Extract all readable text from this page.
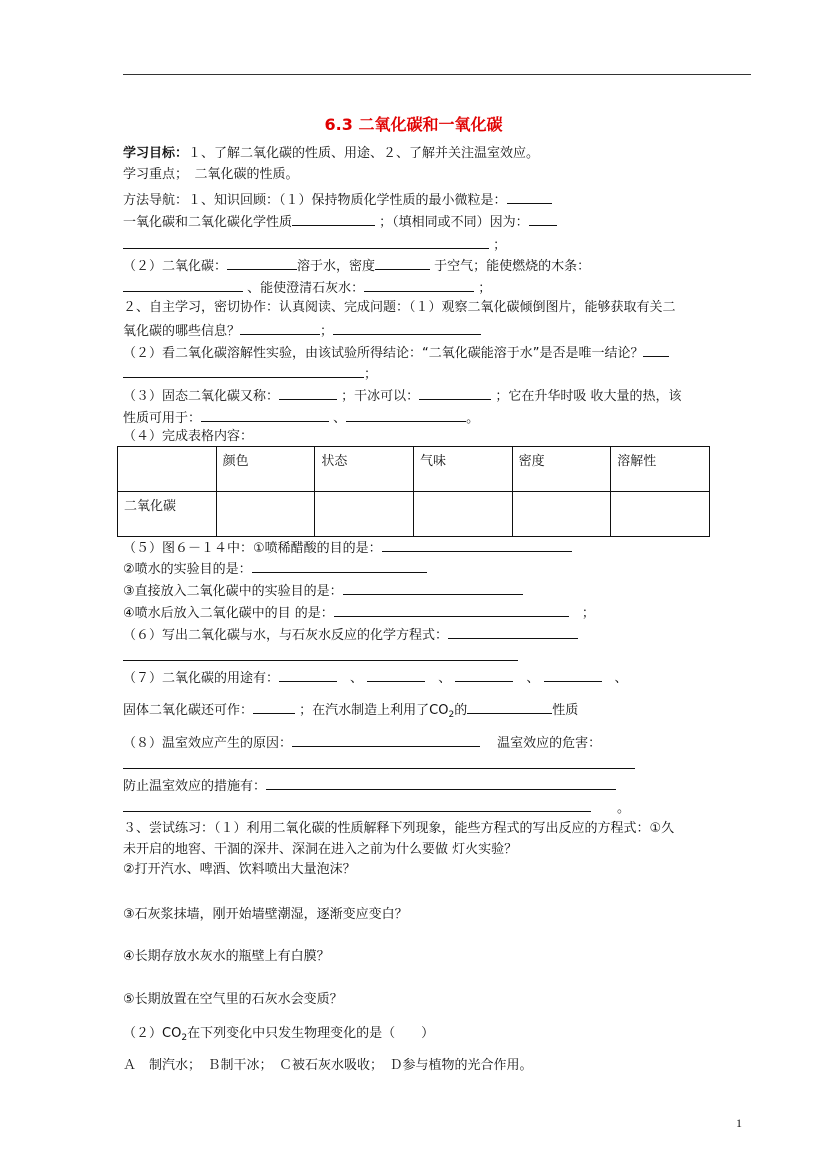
6.3 二氧化碳和一氧化碳
学习目标：１、了解二氧化碳的性质、用途、２、了解并关注温室效应。
学习重点；　二氧化碳的性质。
方法导航：１、知识回顾：（１）保持物质化学性质的最小微粒是：
一氧化碳和二氧化碳化学性质	；（填相同或不同）因为：
；
（２）二氧化碳：	溶于水，密度	于空气；能使燃烧的木条：
、能使澄清石灰水：	；
２、自主学习，密切协作：认真阅读、完成问题：（１）观察二氧化碳倾倒图片，能够获取有关二
氧化碳的哪些信息？	；
（２）看二氧化碳溶解性实验，由该试验所得结论：“二氧化碳能溶于水”是否是唯一结论？
；
（３）固态二氧化碳又称：	；干冰可以：	；它在升华时吸 收大量的热，该
性质可用于：	、	。
（４）完成表格内容：
	颜色	状态	气味	密度	溶解性
二氧化碳					
（５）图６－１４中：①喷稀醋酸的目的是：
②喷水的实验目的是：
③直接放入二氧化碳中的实验目的是：
④喷水后放入二氧化碳中的目 的是：　	；
（６）写出二氧化碳与水，与石灰水反应的化学方程式：
（７）二氧化碳的用途有：　	、 　	、 　	、 　	、
固体二氧化碳还可作：	；在汽水制造上利用了$CO_2$的	性质
（８）温室效应产生的原因：　	温室效应的危害：
防止温室效应的措施有：
　　。
３、尝试练习：（１）利用二氧化碳的性质解释下列现象，能些方程式的写出反应的方程式：①久
未开启的地窖、干涸的深井、深洞在进入之前为什么要做 灯火实验？
②打开汽水、啤酒、饮料喷出大量泡沫？
③石灰浆抹墙，刚开始墙壁潮湿，逐渐变应变白？
④长期存放水灰水的瓶壁上有白膜？
⑤长期放置在空气里的石灰水会变质？
$(2)CO_2$在下列变化中只发生物理变化的是（　　）
Ａ　制汽水；　Ｂ制干冰；　Ｃ被石灰水吸收；　Ｄ参与植物的光合作用。
1
